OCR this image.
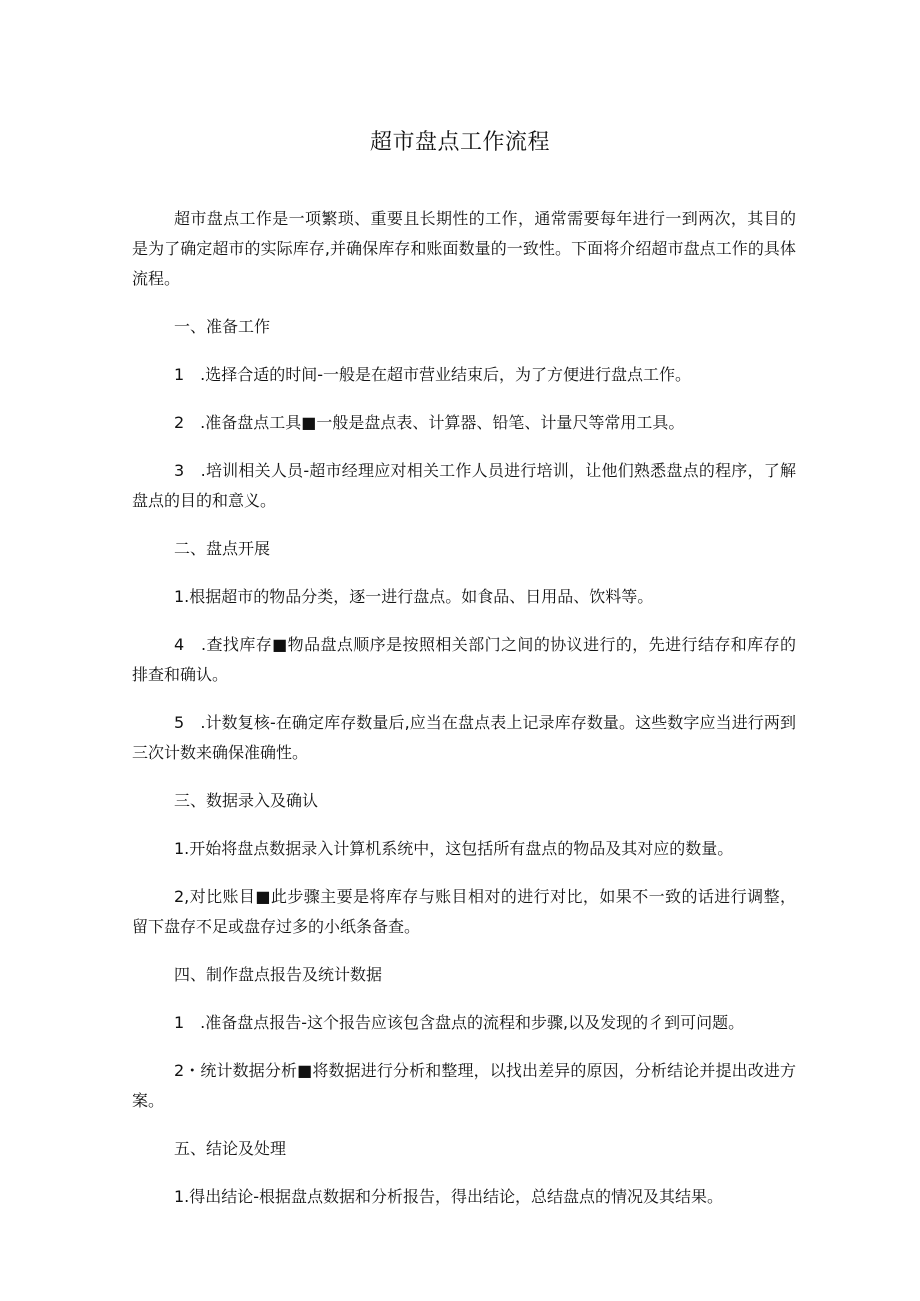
超市盘点工作流程

超市盘点工作是一项繁琐、重要且长期性的工作，通常需要每年进行一到两次，其目的是为了确定超市的实际库存,并确保库存和账面数量的一致性。下面将介绍超市盘点工作的具体流程。

一、准备工作

1　.选择合适的时间-一般是在超市营业结束后，为了方便进行盘点工作。

2　.准备盘点工具■一般是盘点表、计算器、铅笔、计量尺等常用工具。

3　.培训相关人员-超市经理应对相关工作人员进行培训，让他们熟悉盘点的程序，了解盘点的目的和意义。

二、盘点开展

1.根据超市的物品分类，逐一进行盘点。如食品、日用品、饮料等。

4　.查找库存■物品盘点顺序是按照相关部门之间的协议进行的，先进行结存和库存的排查和确认。

5　.计数复核-在确定库存数量后,应当在盘点表上记录库存数量。这些数字应当进行两到三次计数来确保准确性。

三、数据录入及确认

1.开始将盘点数据录入计算机系统中，这包括所有盘点的物品及其对应的数量。

2,对比账目■此步骤主要是将库存与账目相对的进行对比，如果不一致的话进行调整，留下盘存不足或盘存过多的小纸条备查。

四、制作盘点报告及统计数据

1　.准备盘点报告-这个报告应该包含盘点的流程和步骤,以及发现的彳到可问题。

2・统计数据分析■将数据进行分析和整理，以找出差异的原因，分析结论并提出改进方案。

五、结论及处理

1.得出结论-根据盘点数据和分析报告，得出结论，总结盘点的情况及其结果。
